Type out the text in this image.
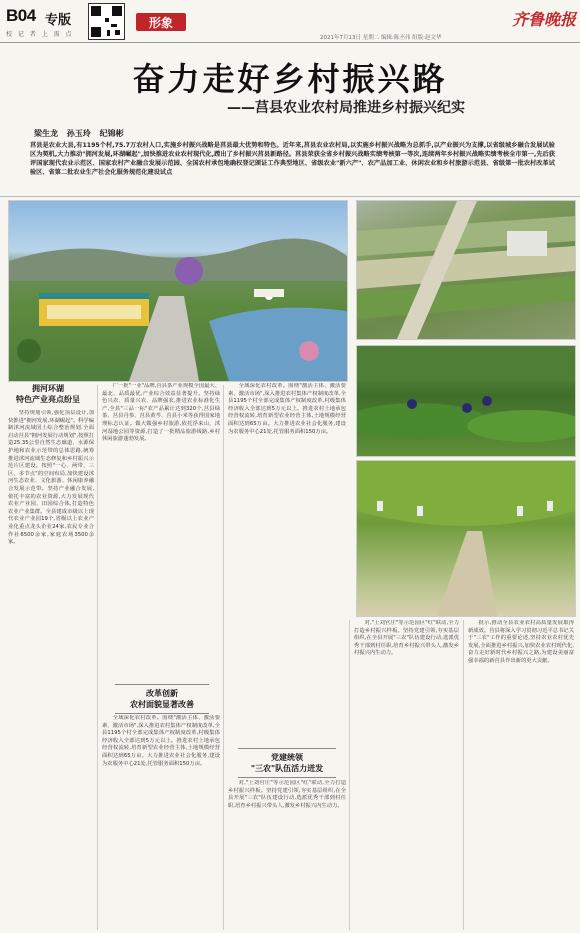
B04 专版
校 记 者 上 需 点
形象	齐鲁晚报
2021年7月13日 星期二 编辑:陈丕伟 组版:赵文华
奋力走好乡村振兴路
——莒县农业农村局推进乡村振兴纪实
梁生龙 孙玉玲 纪锦彬
莒县是农业大县,有1195个村,75.7万农村人口,实施乡村振兴战略是莒县最大优势和特色。近年来,莒县农业农村局,以实施乡村振兴战略为总抓手,以产业振兴为支撑,以省级城乡融合发展试验区为契机,大力推动"拥河发展,环湖崛起",加快推进农业农村现代化,蹚出了乡村振兴莒县新路径。莒县荣获全省乡村振兴战略实绩考核第一等次,连续两年乡村振兴战略实绩考核全市第一,先后获评国家现代农业示范区、国家农村产业融合发展示范园、全国农村承包地确权登记颁证工作典型地区、省级农业"新六产"、农产品加工业、休闲农业和乡村旅游示范县、省级第一批农村改革试验区、省第二批农业生产社会化服务规范化建设试点
拥河环湖
特色产业亮点纷呈

坚持规划引领,强化顶层设计,加快推进"拥河发展,环湖崛起"。科学编制沭河流域国土综合整治规划,全面启动莒县"拥河发展行动规划",按照打造25.35公里自然生态廊道、水源保护地和农业示范带的总体思路,统筹推进沭河流域生态修复和乡村振兴示范片区建设。按照"一心、两带、三区、多节点"的空间布局,加快建设沭河生态农业、文化旅游、休闲康养融合发展示范带。坚持产业融合发展,依托丰富的农业资源,大力发展现代农业产业园、田园综合体,打造特色农业产业集群。全县建成市级以上现代农业产业园19个,省级以上农业产业化重点龙头企业24家,农民专业合作社6500余家,家庭农场3500余家。

广一批"一业"品牌,莒县茶产业规模全国最大、最北、品质最优,产业综合效益显著提升。坚持绿色兴农、质量兴农、品牌强农,推进农业标准化生产,全县"三品一标"农产品累计达到320个,莒县绿茶、莒县丹参、莒县黄芩、莒县小米等获得国家地理标志认证。做大做强乡村旅游,依托浮来山、沭河湿地公园等资源,打造了一批精品旅游线路,乡村休闲旅游蓬勃发展。

改革创新
农村面貌显著改善

全域深化农村改革。围绕"激活主体、激活要素、激活市场",深入推进农村集体产权制度改革,全县1195个村全部完成集体产权制度改革,村级集体经济收入全部达到5万元以上。推进农村土地承包经营权流转,培育新型农业经营主体,土地规模经营面积达到65万亩。大力推进农业社会化服务,建设为农服务中心21处,托管服务面积150万亩。

全域深化农村改革。围绕"激活主体、激活要素、激活市场",深入推进农村集体产权制度改革,全县1195个村全部完成集体产权制度改革,村级集体经济收入全部达到5万元以上。推进农村土地承包经营权流转,培育新型农业经营主体,土地规模经营面积达到65万亩。大力推进农业社会化服务,建设为农服务中心21处,托管服务面积150万亩。

党建统领
"三农"队伍活力迸发

对,"上刘官庄"等示范园区"红"联动,全力打造乡村振兴样板。坚持党建引领,夯实基层组织,在全县开展"三农"队伍建设行动,选派优秀干部到村任职,培育乡村振兴带头人,激发乡村振兴内生动力。

对,"上刘官庄"等示范园区"红"联动,全力打造乡村振兴样板。坚持党建引领,夯实基层组织,在全县开展"三农"队伍建设行动,选派优秀干部到村任职,培育乡村振兴带头人,激发乡村振兴内生动力。

批示,推动全县农业农村高质量发展取得新成效。莒县将深入学习贯彻习近平总书记关于"三农"工作的重要论述,坚持农业农村优先发展,全面推进乡村振兴,加快农业农村现代化,奋力走好新时代乡村振兴之路,为建设美丽富强幸福的新莒县作出新的更大贡献。
